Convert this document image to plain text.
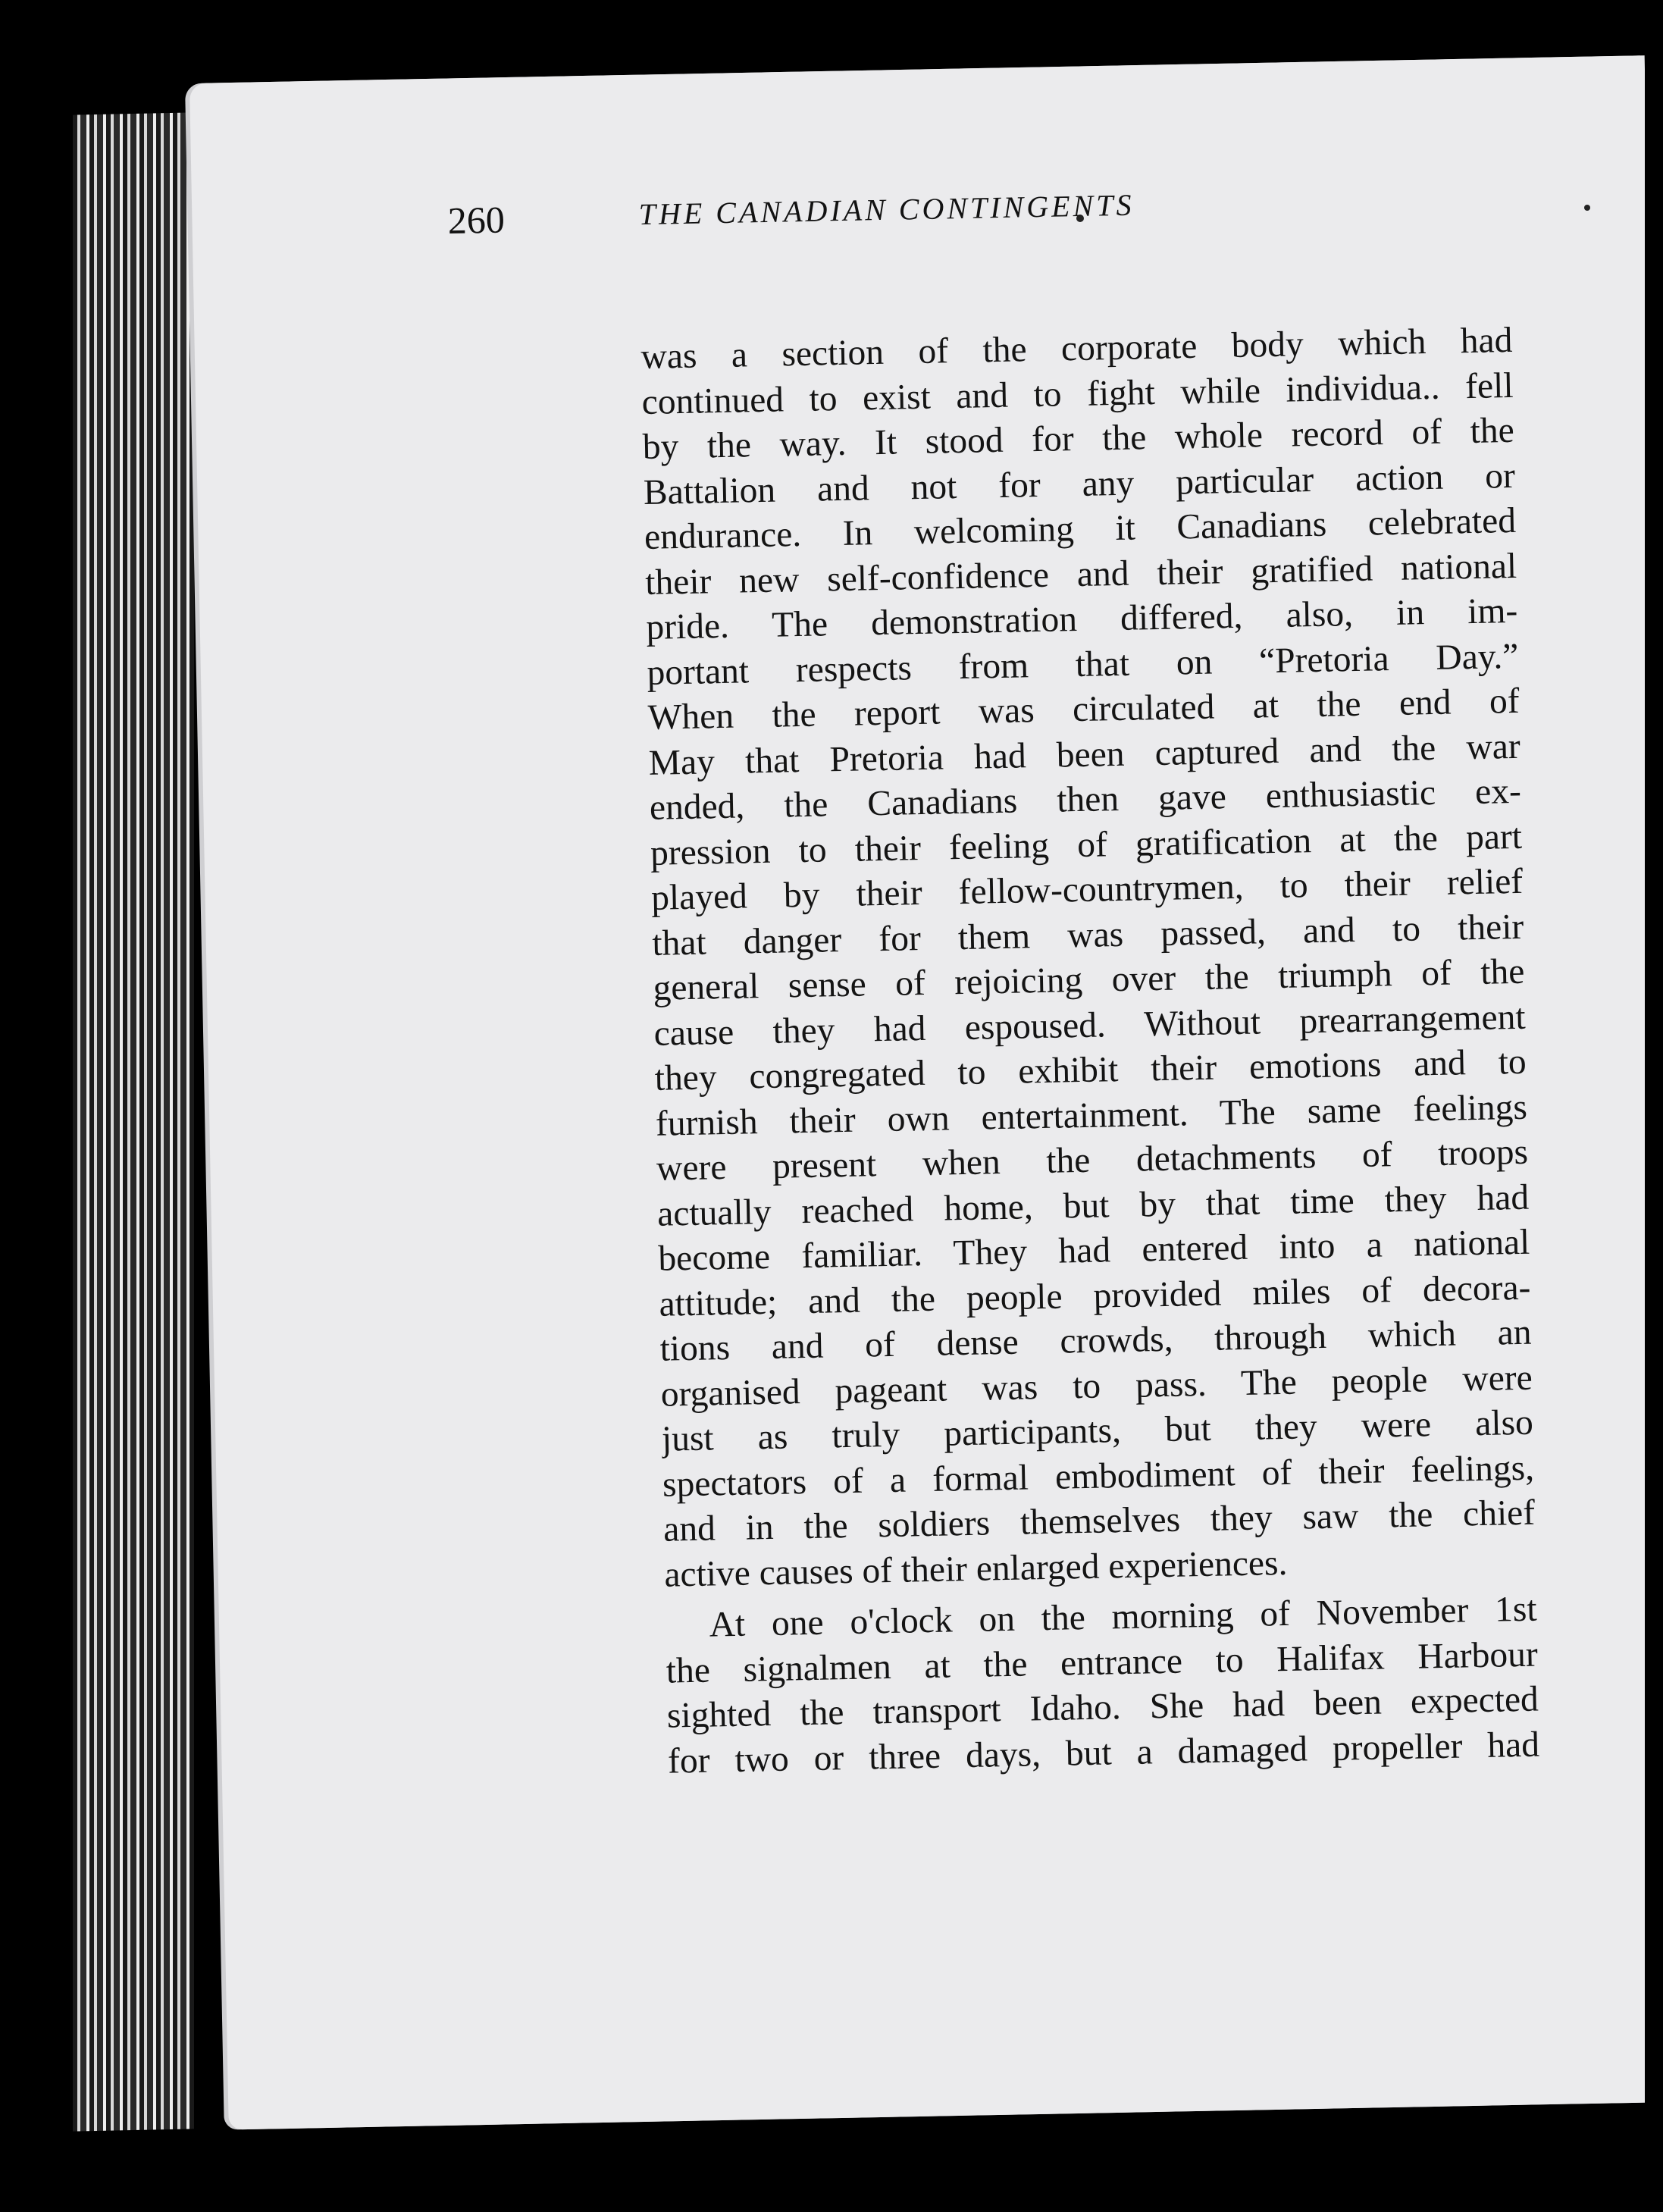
260	THE CANADIAN CONTINGENTS
was a section of the corporate body which had
continued to exist and to fight while individua.. fell
by the way. It stood for the whole record of the
Battalion and not for any particular action or
endurance. In welcoming it Canadians celebrated
their new self-confidence and their gratified national
pride. The demonstration differed, also, in im-
portant respects from that on “Pretoria Day.”
When the report was circulated at the end of
May that Pretoria had been captured and the war
ended, the Canadians then gave enthusiastic ex-
pression to their feeling of gratification at the part
played by their fellow-countrymen, to their relief
that danger for them was passed, and to their
general sense of rejoicing over the triumph of the
cause they had espoused. Without prearrangement
they congregated to exhibit their emotions and to
furnish their own entertainment. The same feelings
were present when the detachments of troops
actually reached home, but by that time they had
become familiar. They had entered into a national
attitude; and the people provided miles of decora-
tions and of dense crowds, through which an
organised pageant was to pass. The people were
just as truly participants, but they were also
spectators of a formal embodiment of their feelings,
and in the soldiers themselves they saw the chief
active causes of their enlarged experiences.
At one o'clock on the morning of November 1st
the signalmen at the entrance to Halifax Harbour
sighted the transport Idaho. She had been expected
for two or three days, but a damaged propeller had
